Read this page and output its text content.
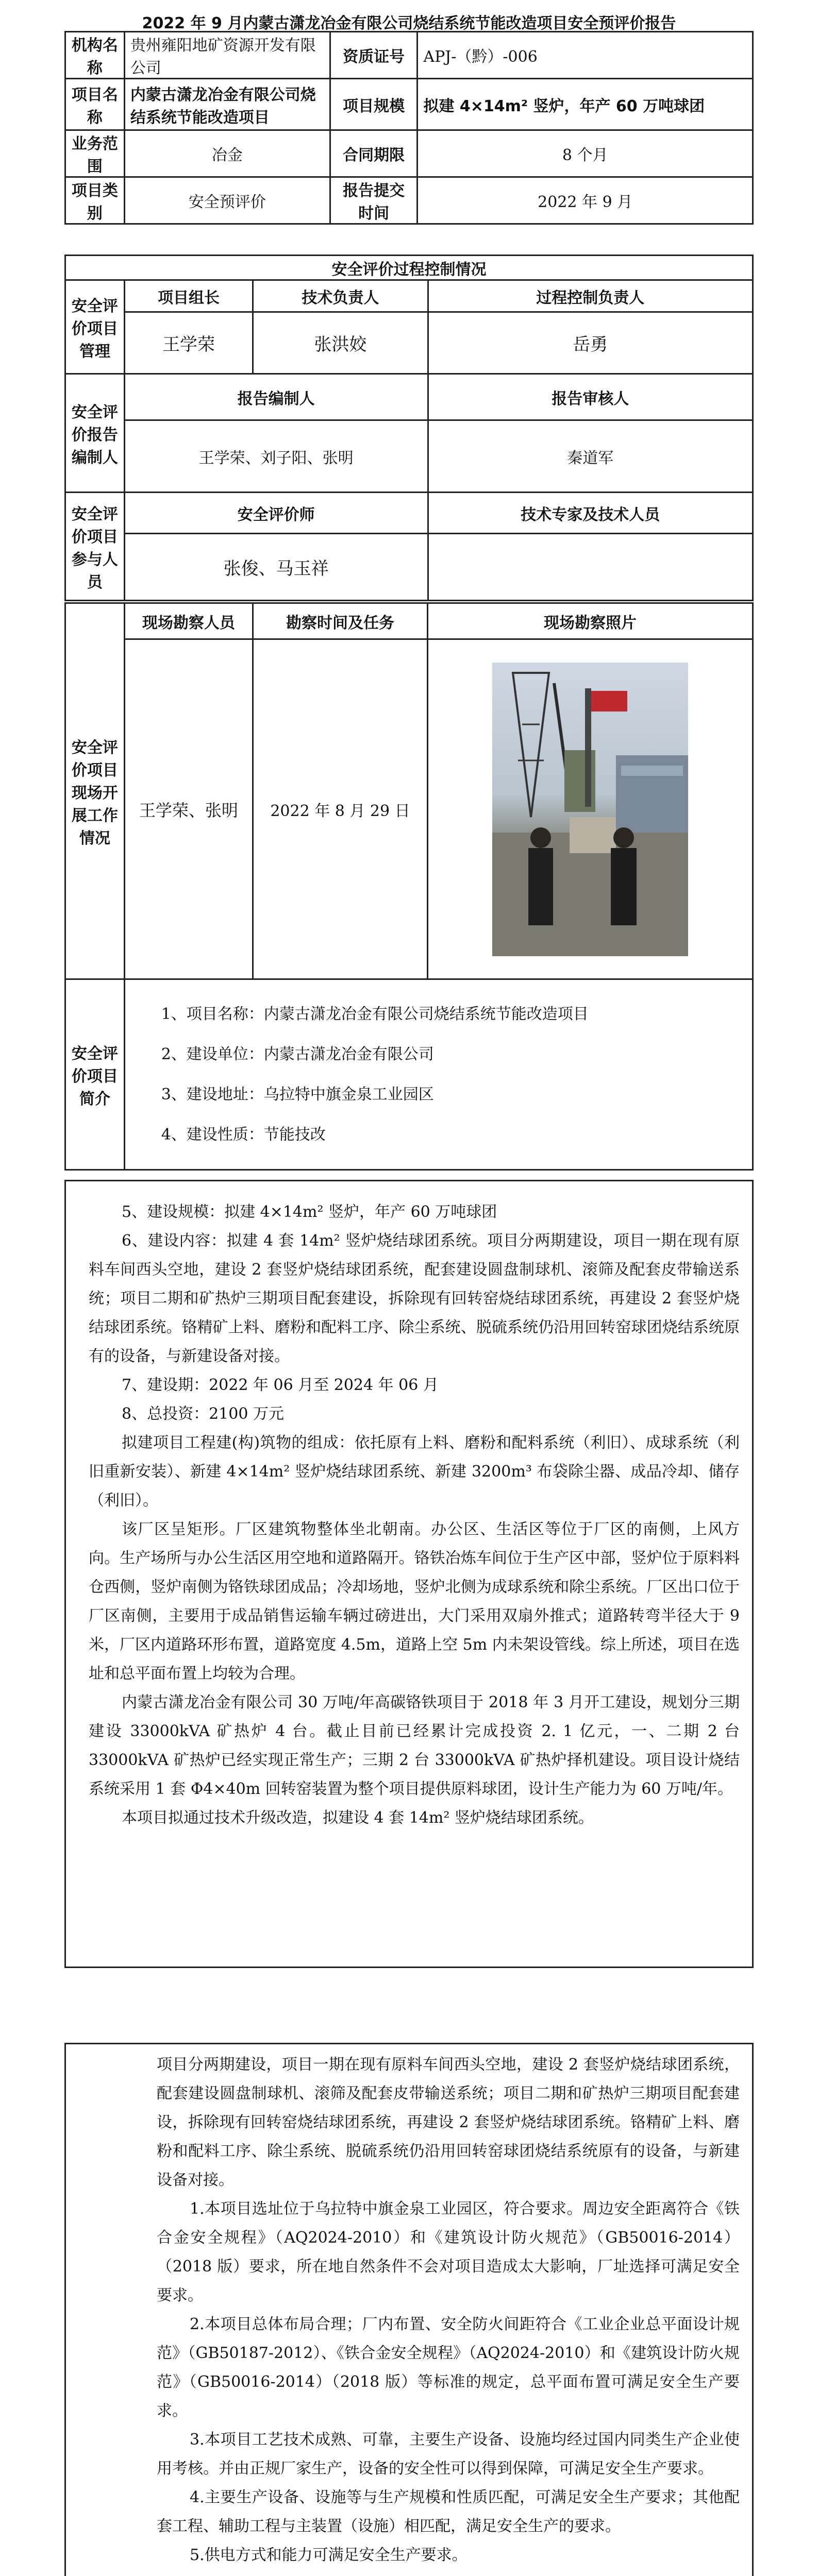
2022 年 9 月内蒙古潇龙冶金有限公司烧结系统节能改造项目安全预评价报告
机构名称	贵州雍阳地矿资源开发有限公司	资质证号	APJ-（黔）-006
项目名称	内蒙古潇龙冶金有限公司烧结系统节能改造项目	项目规模	拟建 4×14m² 竖炉，年产 60 万吨球团
业务范围	冶金	合同期限	8 个月
项目类别	安全预评价	报告提交时间	2022 年 9 月
安全评价过程控制情况			
安全评价项目管理	项目组长	技术负责人	过程控制负责人
	王学荣	张洪姣	岳勇
安全评价报告编制人	报告编制人		报告审核人
	王学荣、刘子阳、张明		秦道军
安全评价项目参与人员	安全评价师		技术专家及技术人员
	张俊、马玉祥		
安全评价项目现场开展工作情况	现场勘察人员	勘察时间及任务	现场勘察照片
	王学荣、张明	2022 年 8 月 29 日	

安全评价项目简介	1、项目名称：内蒙古潇龙冶金有限公司烧结系统节能改造项目

2、建设单位：内蒙古潇龙冶金有限公司

3、建设地址：乌拉特中旗金泉工业园区

4、建设性质：节能技改		

5、建设规模：拟建 4×14m² 竖炉，年产 60 万吨球团

6、建设内容：拟建 4 套 14m² 竖炉烧结球团系统。项目分两期建设，项目一期在现有原料车间西头空地，建设 2 套竖炉烧结球团系统，配套建设圆盘制球机、滚筛及配套皮带输送系统；项目二期和矿热炉三期项目配套建设，拆除现有回转窑烧结球团系统，再建设 2 套竖炉烧结球团系统。铬精矿上料、磨粉和配料工序、除尘系统、脱硫系统仍沿用回转窑球团烧结系统原有的设备，与新建设备对接。

7、建设期：2022 年 06 月至 2024 年 06 月

8、总投资：2100 万元

拟建项目工程建(构)筑物的组成：依托原有上料、磨粉和配料系统（利旧）、成球系统（利旧重新安装）、新建 4×14m² 竖炉烧结球团系统、新建 3200m³ 布袋除尘器、成品冷却、储存（利旧）。

该厂区呈矩形。厂区建筑物整体坐北朝南。办公区、生活区等位于厂区的南侧，上风方向。生产场所与办公生活区用空地和道路隔开。铬铁冶炼车间位于生产区中部，竖炉位于原料料仓西侧，竖炉南侧为铬铁球团成品；冷却场地，竖炉北侧为成球系统和除尘系统。厂区出口位于厂区南侧，主要用于成品销售运输车辆过磅进出，大门采用双扇外推式；道路转弯半径大于 9 米，厂区内道路环形布置，道路宽度 4.5m，道路上空 5m 内未架设管线。综上所述，项目在选址和总平面布置上均较为合理。

内蒙古潇龙冶金有限公司 30 万吨/年高碳铬铁项目于 2018 年 3 月开工建设，规划分三期建设 33000kVA 矿热炉 4 台。截止目前已经累计完成投资 2. 1 亿元，一、二期 2 台 33000kVA 矿热炉已经实现正常生产；三期 2 台 33000kVA 矿热炉择机建设。项目设计烧结系统采用 1 套 Φ4×40m 回转窑装置为整个项目提供原料球团，设计生产能力为 60 万吨/年。

本项目拟通过技术升级改造，拟建设 4 套 14m² 竖炉烧结球团系统。

项目分两期建设，项目一期在现有原料车间西头空地，建设 2 套竖炉烧结球团系统，配套建设圆盘制球机、滚筛及配套皮带输送系统；项目二期和矿热炉三期项目配套建设，拆除现有回转窑烧结球团系统，再建设 2 套竖炉烧结球团系统。铬精矿上料、磨粉和配料工序、除尘系统、脱硫系统仍沿用回转窑球团烧结系统原有的设备，与新建设备对接。

1.本项目选址位于乌拉特中旗金泉工业园区，符合要求。周边安全距离符合《铁合金安全规程》（AQ2024-2010）和《建筑设计防火规范》（GB50016-2014）（2018 版）要求，所在地自然条件不会对项目造成太大影响，厂址选择可满足安全要求。

2.本项目总体布局合理；厂内布置、安全防火间距符合《工业企业总平面设计规范》（GB50187-2012）、《铁合金安全规程》（AQ2024-2010）和《建筑设计防火规范》（GB50016-2014）（2018 版）等标准的规定，总平面布置可满足安全生产要求。

3.本项目工艺技术成熟、可靠，主要生产设备、设施均经过国内同类生产企业使用考核。并由正规厂家生产，设备的安全性可以得到保障，可满足安全生产要求。

4.主要生产设备、设施等与生产规模和性质匹配，可满足安全生产要求；其他配套工程、辅助工程与主装置（设施）相匹配，满足安全生产的要求。

5.供电方式和能力可满足安全生产要求。
